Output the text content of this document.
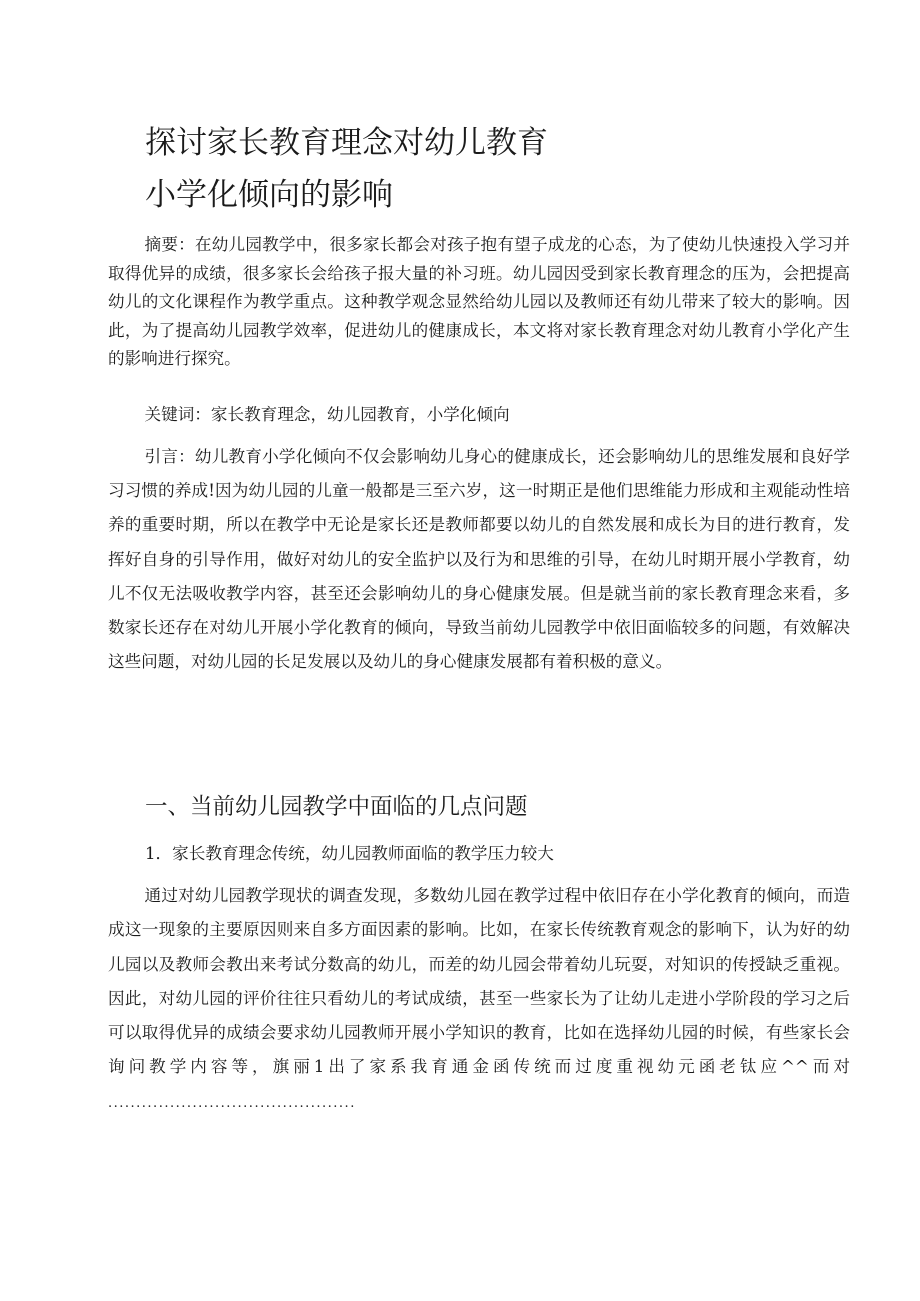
探讨家长教育理念对幼儿教育
小学化倾向的影响

摘要：在幼儿园教学中，很多家长都会对孩子抱有望子成龙的心态，为了使幼儿快速投入学习并取得优异的成绩，很多家长会给孩子报大量的补习班。幼儿园因受到家长教育理念的压为，会把提高幼儿的文化课程作为教学重点。这种教学观念显然给幼儿园以及教师还有幼儿带来了较大的影响。因此，为了提高幼儿园教学效率，促进幼儿的健康成长，本文将对家长教育理念对幼儿教育小学化产生的影响进行探究。

关键词：家长教育理念，幼儿园教育，小学化倾向

引言：幼儿教育小学化倾向不仅会影响幼儿身心的健康成长，还会影响幼儿的思维发展和良好学习习惯的养成!因为幼儿园的儿童一般都是三至六岁，这一时期正是他们思维能力形成和主观能动性培养的重要时期，所以在教学中无论是家长还是教师都要以幼儿的自然发展和成长为目的进行教育，发挥好自身的引导作用，做好对幼儿的安全监护以及行为和思维的引导，在幼儿时期开展小学教育，幼儿不仅无法吸收教学内容，甚至还会影响幼儿的身心健康发展。但是就当前的家长教育理念来看，多数家长还存在对幼儿开展小学化教育的倾向，导致当前幼儿园教学中依旧面临较多的问题，有效解决这些问题，对幼儿园的长足发展以及幼儿的身心健康发展都有着积极的意义。

一、当前幼儿园教学中面临的几点问题

1．家长教育理念传统，幼儿园教师面临的教学压力较大

通过对幼儿园教学现状的调查发现，多数幼儿园在教学过程中依旧存在小学化教育的倾向，而造成这一现象的主要原因则来自多方面因素的影响。比如，在家长传统教育观念的影响下，认为好的幼儿园以及教师会教出来考试分数高的幼儿，而差的幼儿园会带着幼儿玩耍，对知识的传授缺乏重视。因此，对幼儿园的评价往往只看幼儿的考试成绩，甚至一些家长为了让幼儿走进小学阶段的学习之后可以取得优异的成绩会要求幼儿园教师开展小学知识的教育，比如在选择幼儿园的时候，有些家长会询问教学内容等，旗丽1出了家系我育通金函传统而过度重视幼元函老钛应^^而对 ............................................
